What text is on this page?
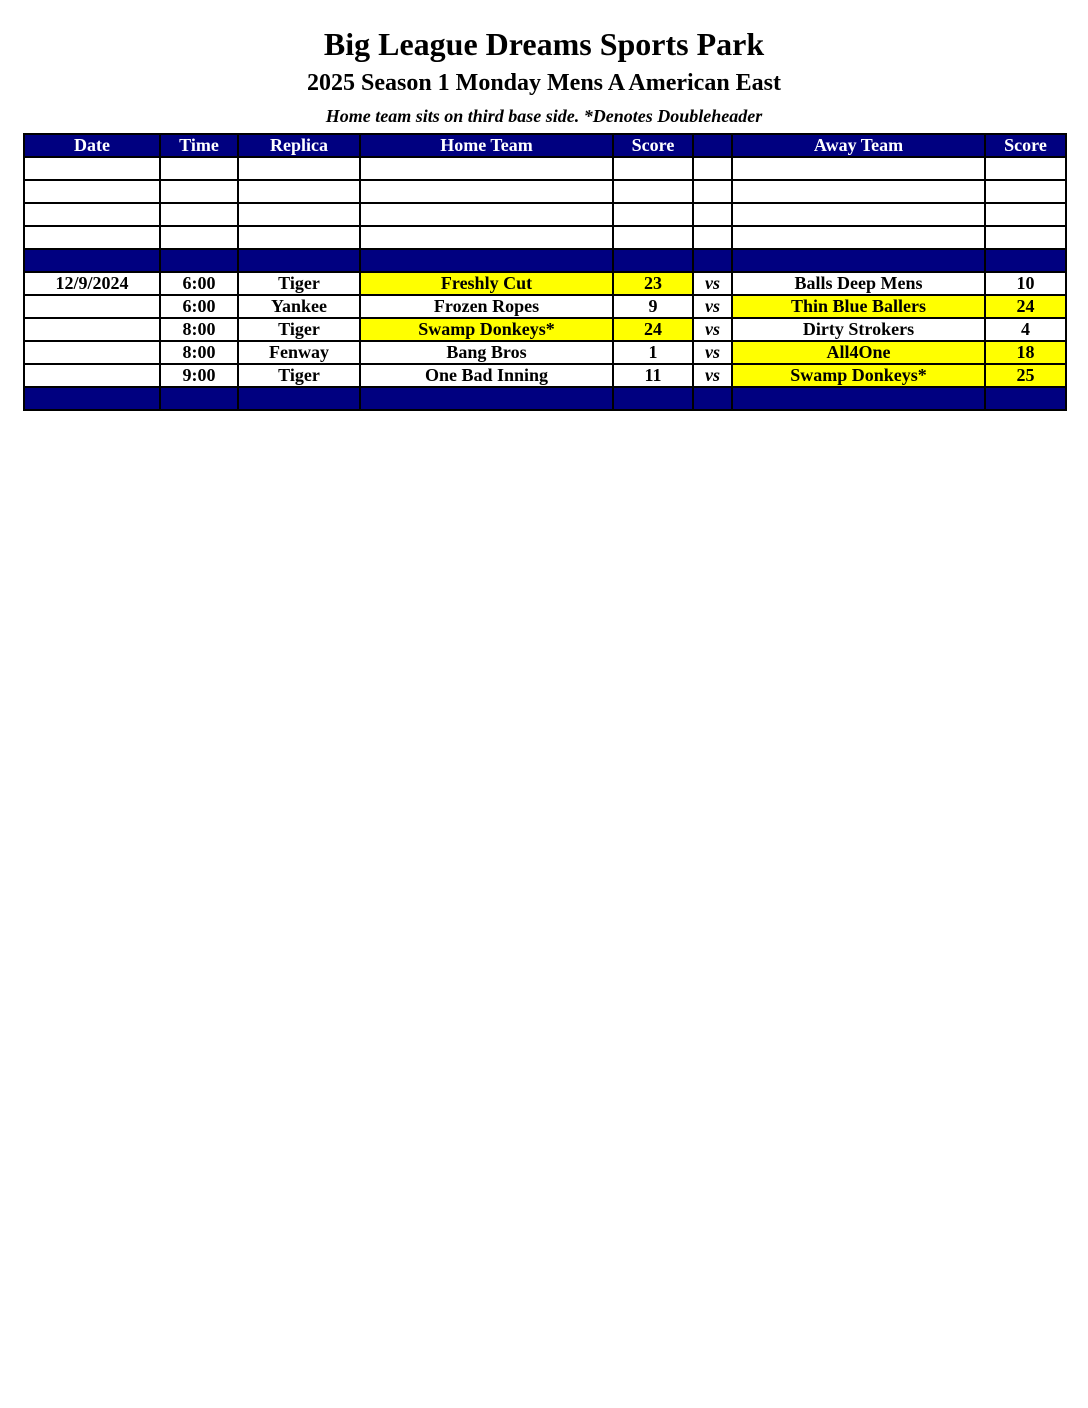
Big League Dreams Sports Park
2025 Season 1 Monday Mens A American East
Home team sits on third base side. *Denotes Doubleheader
Date	Time	Replica	Home Team	Score		Away Team	Score

12/9/2024	6:00	Tiger	Freshly Cut	23	vs	Balls Deep Mens	10
	6:00	Yankee	Frozen Ropes	9	vs	Thin Blue Ballers	24
	8:00	Tiger	Swamp Donkeys*	24	vs	Dirty Strokers	4
	8:00	Fenway	Bang Bros	1	vs	All4One	18
	9:00	Tiger	One Bad Inning	11	vs	Swamp Donkeys*	25
